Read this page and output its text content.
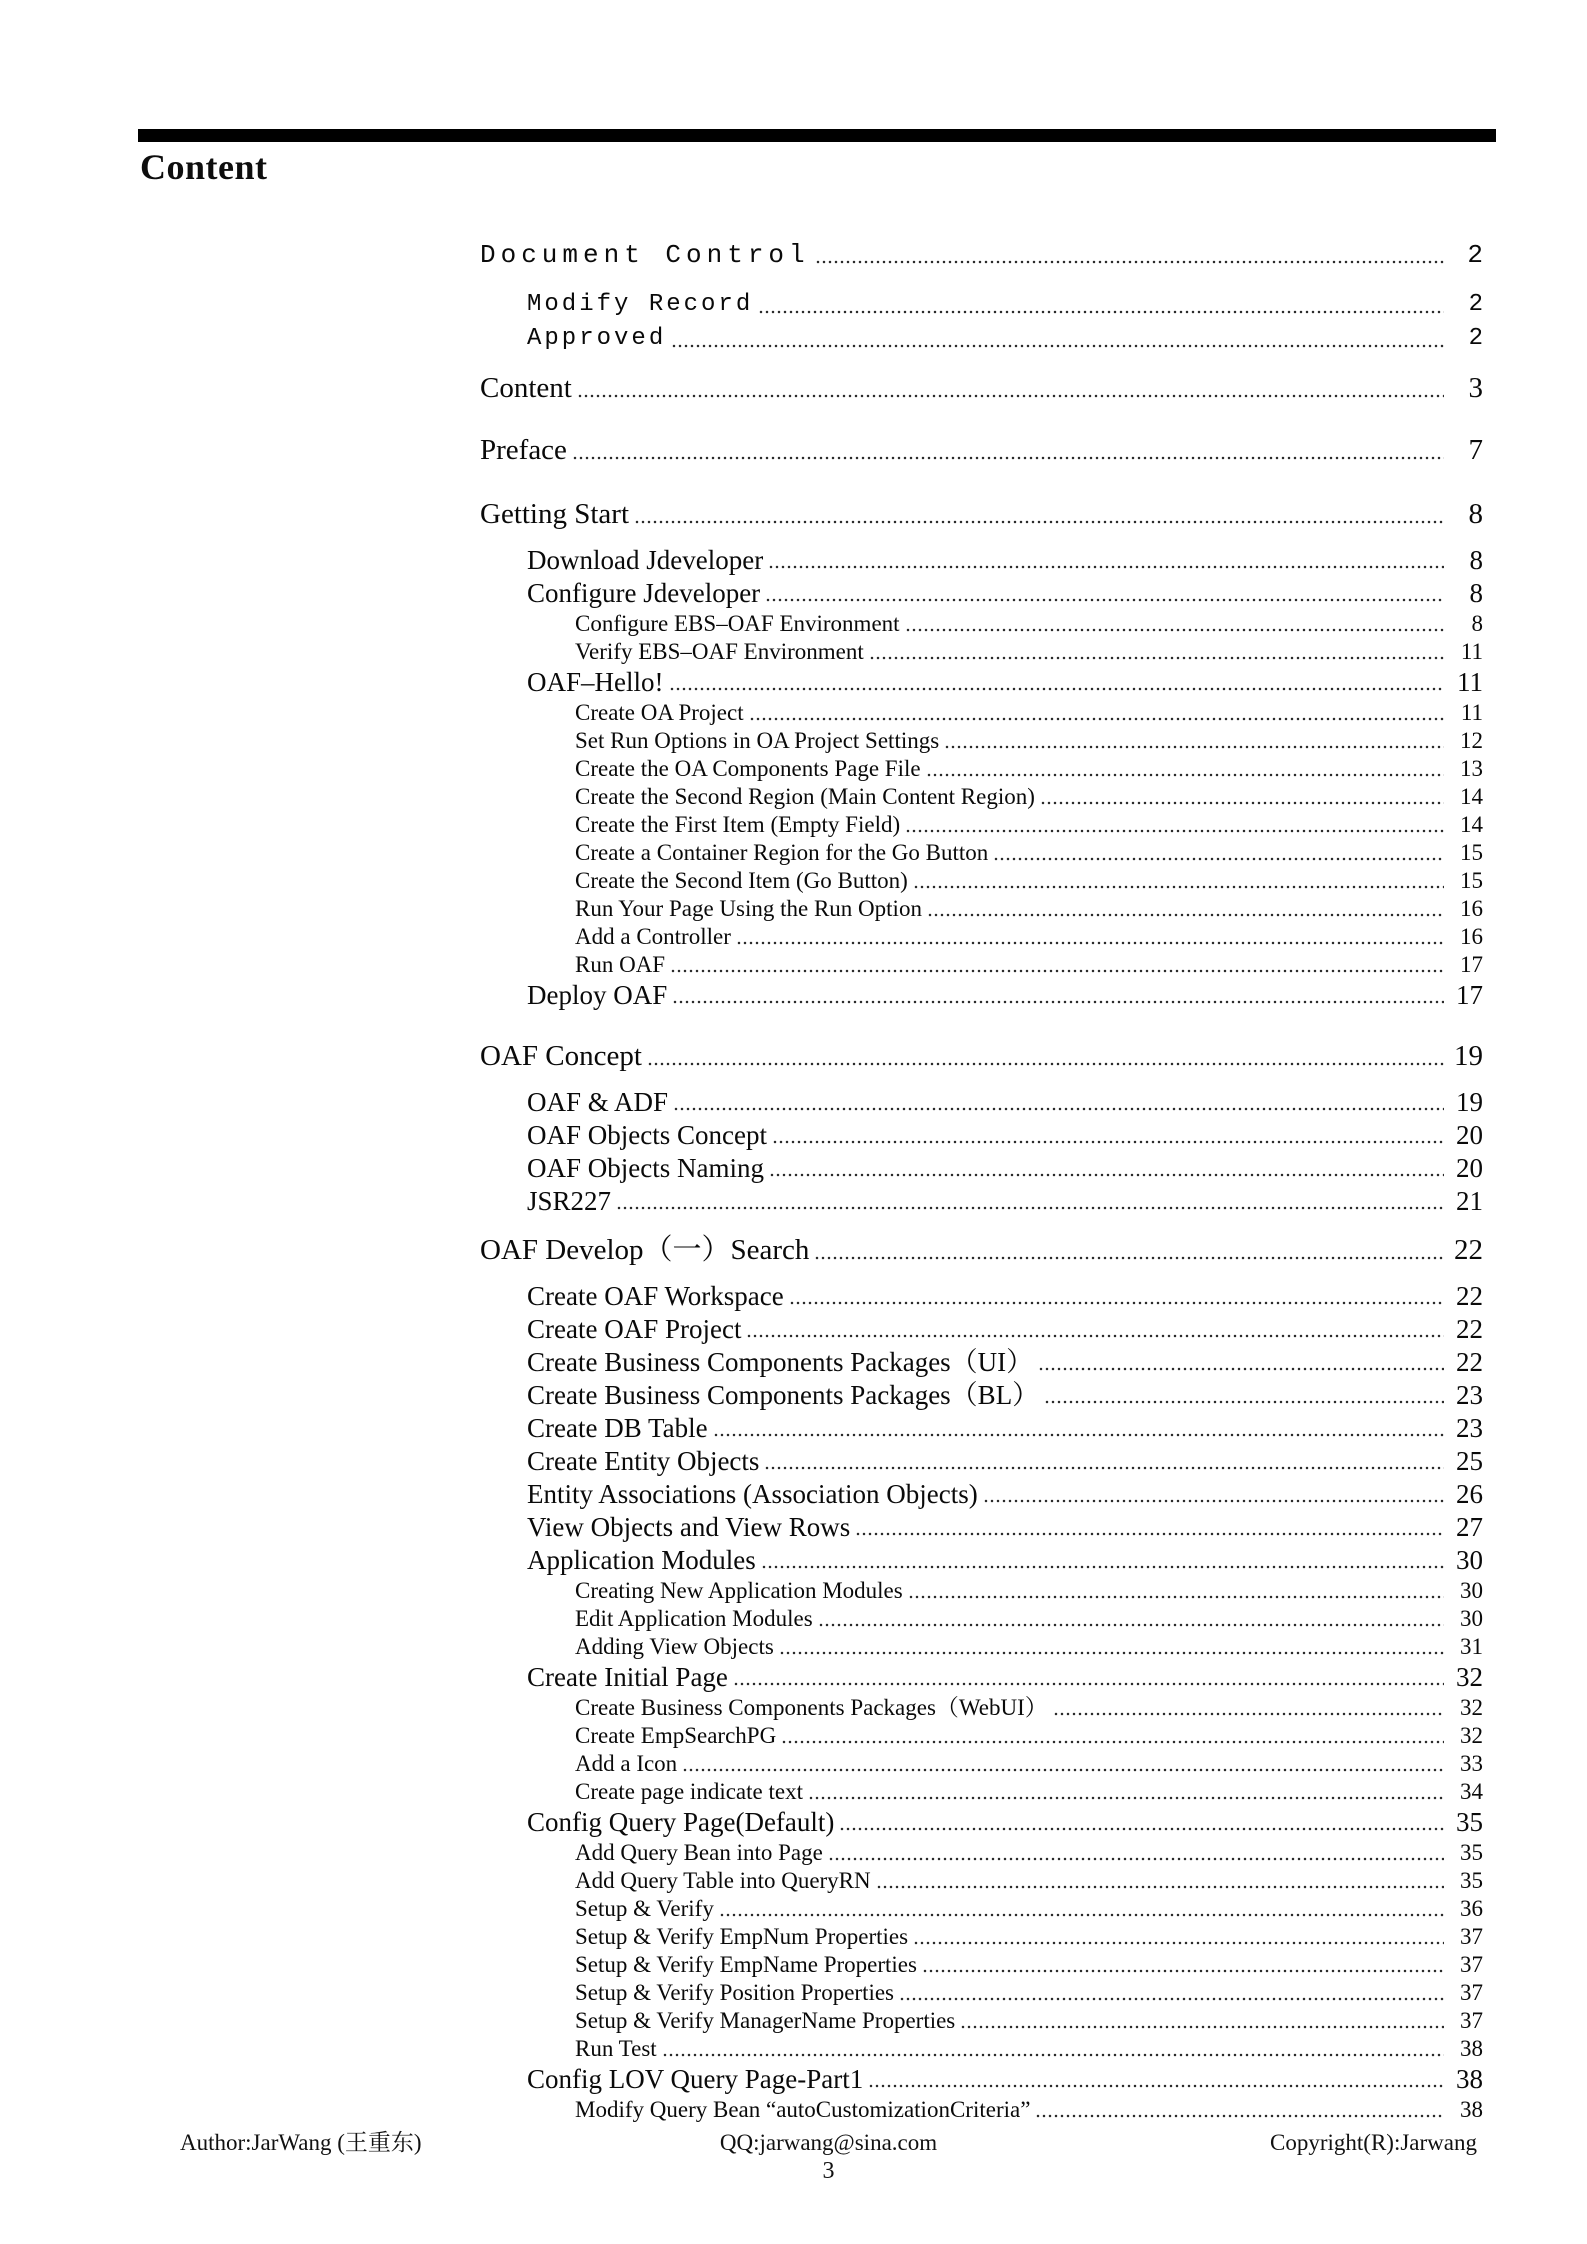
Content
Document Control	2
Modify Record	2
Approved	2
Content	3
Preface	7
Getting Start	8
Download Jdeveloper	8
Configure Jdeveloper	8
Configure EBS–OAF Environment	8
Verify EBS–OAF Environment	11
OAF–Hello!	11
Create OA Project	11
Set Run Options in OA Project Settings	12
Create the OA Components Page File	13
Create the Second Region (Main Content Region)	14
Create the First Item (Empty Field)	14
Create a Container Region for the Go Button	15
Create the Second Item (Go Button)	15
Run Your Page Using the Run Option	16
Add a Controller	16
Run OAF	17
Deploy OAF	17
OAF Concept	19
OAF & ADF	19
OAF Objects Concept	20
OAF Objects Naming	20
JSR227	21
OAF Develop（一）Search	22
Create OAF Workspace	22
Create OAF Project	22
Create Business Components Packages（UI）	22
Create Business Components Packages（BL）	23
Create DB Table	23
Create Entity Objects	25
Entity Associations (Association Objects)	26
View Objects and View Rows	27
Application Modules	30
Creating New Application Modules	30
Edit Application Modules	30
Adding View Objects	31
Create Initial Page	32
Create Business Components Packages（WebUI）	32
Create EmpSearchPG	32
Add a Icon	33
Create page indicate text	34
Config Query Page(Default)	35
Add Query Bean into Page	35
Add Query Table into QueryRN	35
Setup & Verify	36
Setup & Verify EmpNum Properties	37
Setup & Verify EmpName Properties	37
Setup & Verify Position Properties	37
Setup & Verify ManagerName Properties	37
Run Test	38
Config LOV Query Page-Part1	38
Modify Query Bean “autoCustomizationCriteria”	38
Author:JarWang (王重东)	QQ:jarwang@sina.com	Copyright(R):Jarwang
3
